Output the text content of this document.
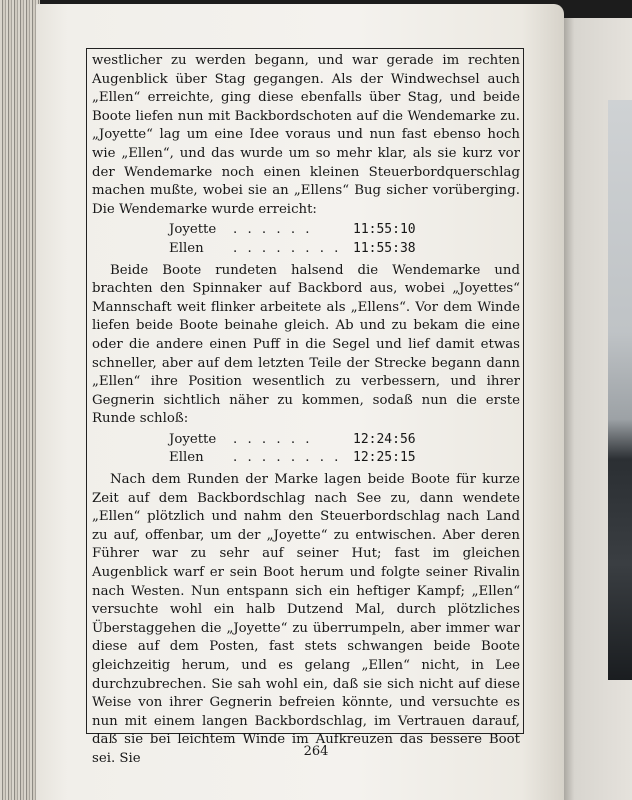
westlicher zu werden begann, und war gerade im rechten Augenblick über Stag gegangen. Als der Windwechsel auch „Ellen“ erreichte, ging diese ebenfalls über Stag, und beide Boote liefen nun mit Backbordschoten auf die Wendemarke zu. „Joyette“ lag um eine Idee voraus und nun fast ebenso hoch wie „Ellen“, und das wurde um so mehr klar, als sie kurz vor der Wendemarke noch einen kleinen Steuerbordquerschlag machen mußte, wobei sie an „Ellens“ Bug sicher vorüberging. Die Wendemarke wurde erreicht:

Joyette	. . . . . .	11:55:10
Ellen	. . . . . . . . 11:55:38

Beide Boote rundeten halsend die Wendemarke und brachten den Spinnaker auf Backbord aus, wobei „Joyettes“ Mannschaft weit flinker arbeitete als „Ellens“. Vor dem Winde liefen beide Boote beinahe gleich. Ab und zu bekam die eine oder die andere einen Puff in die Segel und lief damit etwas schneller, aber auf dem letzten Teile der Strecke begann dann „Ellen“ ihre Position wesentlich zu verbessern, und ihrer Gegnerin sichtlich näher zu kommen, sodaß nun die erste Runde schloß:

Joyette	. . . . . .	12:24:56
Ellen	. . . . . . . . 12:25:15

Nach dem Runden der Marke lagen beide Boote für kurze Zeit auf dem Backbordschlag nach See zu, dann wendete „Ellen“ plötzlich und nahm den Steuerbordschlag nach Land zu auf, offenbar, um der „Joyette“ zu entwischen. Aber deren Führer war zu sehr auf seiner Hut; fast im gleichen Augenblick warf er sein Boot herum und folgte seiner Rivalin nach Westen. Nun entspann sich ein heftiger Kampf; „Ellen“ versuchte wohl ein halb Dutzend Mal, durch plötzliches Überstaggehen die „Joyette“ zu überrumpeln, aber immer war diese auf dem Posten, fast stets schwangen beide Boote gleichzeitig herum, und es gelang „Ellen“ nicht, in Lee durchzubrechen. Sie sah wohl ein, daß sie sich nicht auf diese Weise von ihrer Gegnerin befreien könnte, und versuchte es nun mit einem langen Backbordschlag, im Vertrauen darauf, daß sie bei leichtem Winde im Aufkreuzen das bessere Boot sei. Sie	264
